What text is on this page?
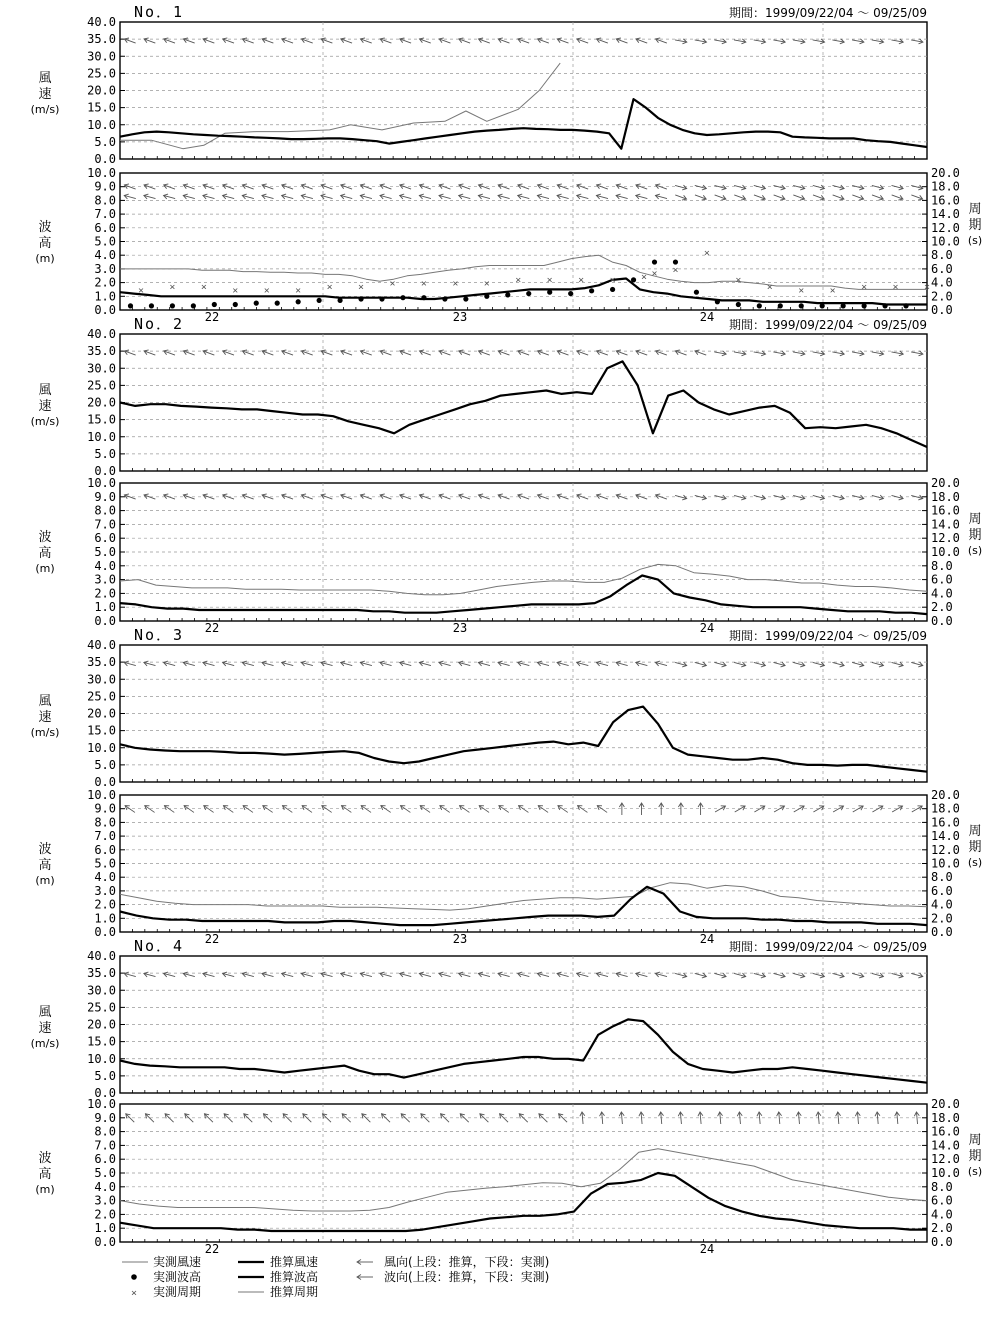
No．1	期間：1999/09/22/04 ～ 09/25/09
0.0
5.0
10.0
15.0
20.0
25.0
30.0
35.0
40.0
風
速
(m/s)
0.0
1.0
2.0
3.0
4.0
5.0
6.0
7.0
8.0
9.0
10.0
0.0
2.0
4.0
6.0
8.0
10.0
12.0
14.0
16.0
18.0
20.0
波
高
(m)
周
期
(s)
22	23	24
×	×	×	×	×	×	×	×	×	×	×	×	×	×	×	×	× × ×
×
×
×	×	×	×	×	×
No．2	期間：1999/09/22/04 ～ 09/25/09
0.0
5.0
10.0
15.0
20.0
25.0
30.0
35.0
40.0
風
速
(m/s)
0.0
1.0
2.0
3.0
4.0
5.0
6.0
7.0
8.0
9.0
10.0
0.0
2.0
4.0
6.0
8.0
10.0
12.0
14.0
16.0
18.0
20.0
波
高
(m)
周
期
(s)
22	23	24
No．3	期間：1999/09/22/04 ～ 09/25/09
0.0
5.0
10.0
15.0
20.0
25.0
30.0
35.0
40.0
風
速
(m/s)
0.0
1.0
2.0
3.0
4.0
5.0
6.0
7.0
8.0
9.0
10.0
0.0
2.0
4.0
6.0
8.0
10.0
12.0
14.0
16.0
18.0
20.0
波
高
(m)
周
期
(s)
22	23	24
No．4	期間：1999/09/22/04 ～ 09/25/09
0.0
5.0
10.0
15.0
20.0
25.0
30.0
35.0
40.0
風
速
(m/s)
0.0
1.0
2.0
3.0
4.0
5.0
6.0
7.0
8.0
9.0
10.0
0.0
2.0
4.0
6.0
8.0
10.0
12.0
14.0
16.0
18.0
20.0
波
高
(m)
周
期
(s)
22	24
実測風速
実測波高
× 実測周期
推算風速
推算波高
推算周期
風向(上段：推算，下段：実測)
波向(上段：推算，下段：実測)
